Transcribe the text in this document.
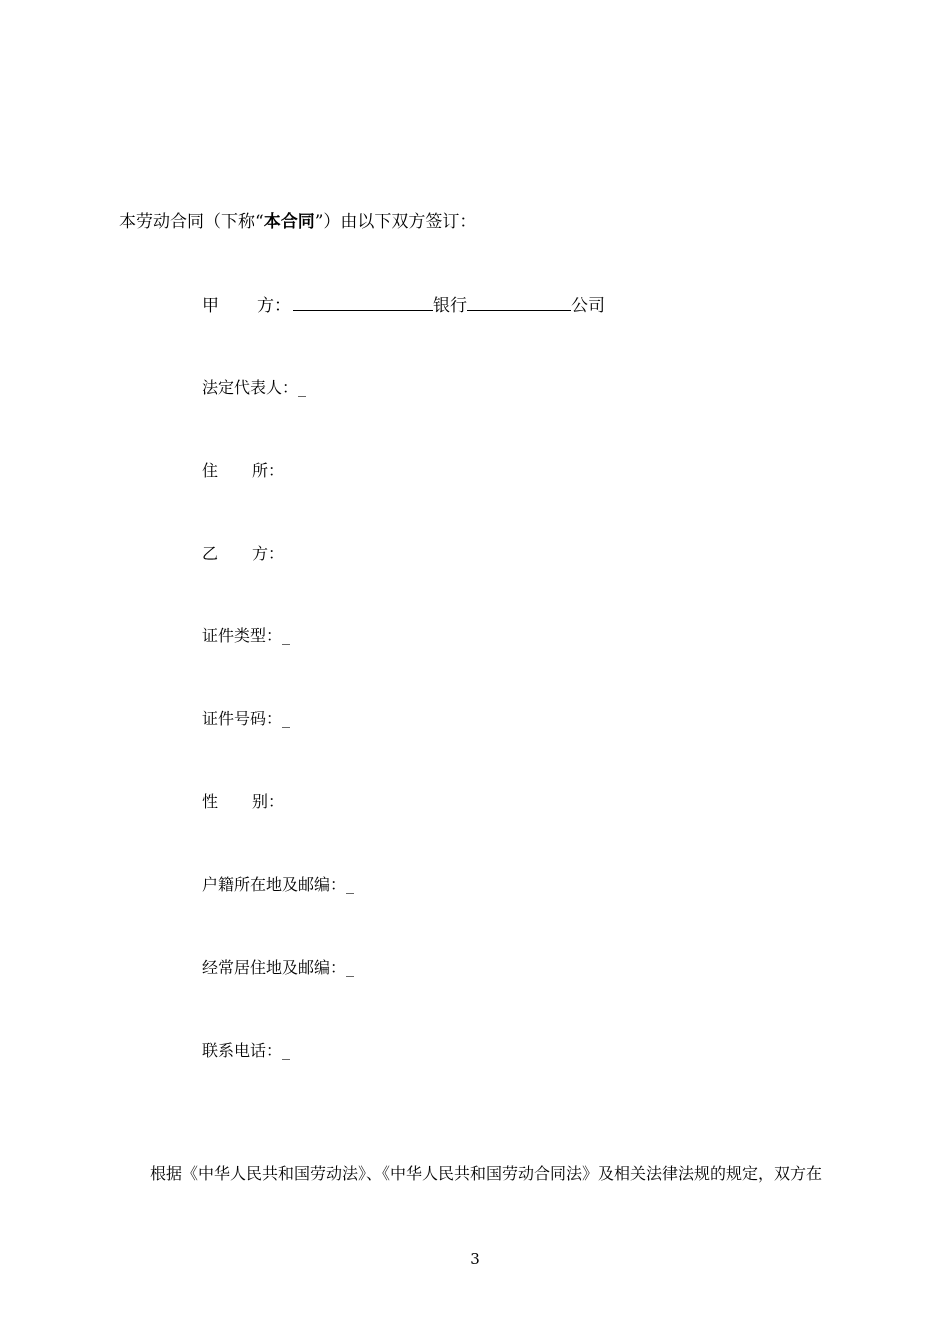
本劳动合同（下称“本合同”）由以下双方签订：
甲 方：	银行	公司
法定代表人：_
住 所：
乙 方：
证件类型：_
证件号码：_
性 别：
户籍所在地及邮编：_
经常居住地及邮编：_
联系电话：_
根据《中华人民共和国劳动法》、《中华人民共和国劳动合同法》及相关法律法规的规定，双方在
3
